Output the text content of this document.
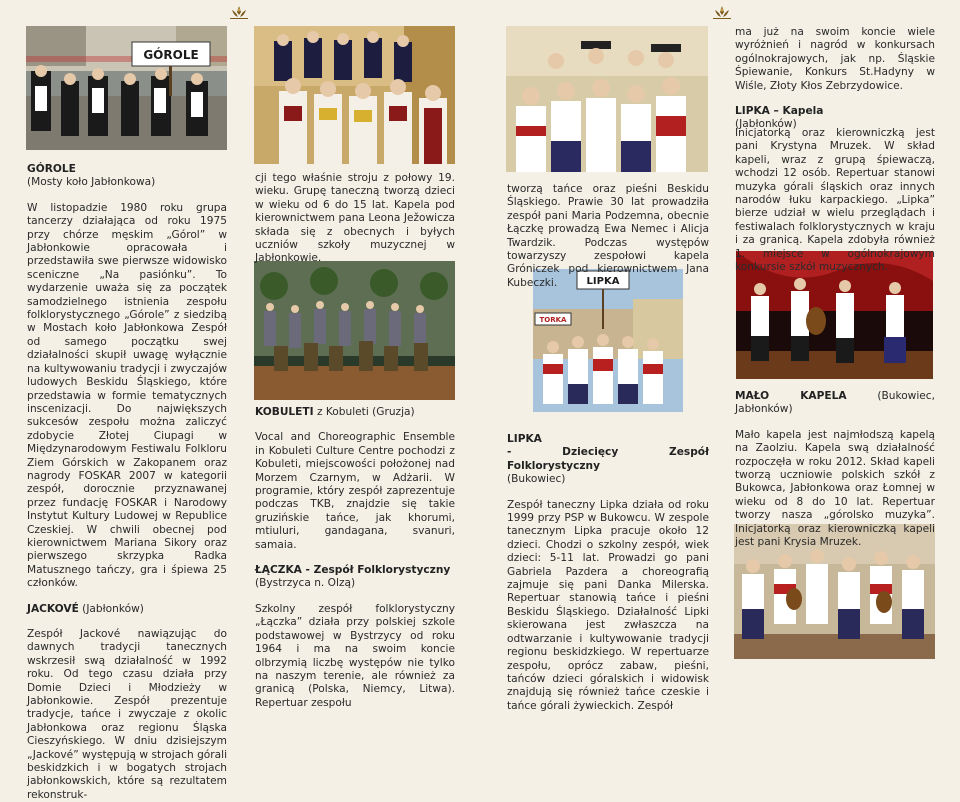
GÓROLE
LIPKA
TORKA

GÓROLE

(Mosty koło Jabłonkowa)

W listopadzie 1980 roku grupa tancerzy działająca od roku 1975 przy chórze męskim „Górol” w Jabłonkowie opracowała i przedstawiła swe pierwsze widowisko sceniczne „Na pasiónku”. To wydarzenie uważa się za początek samodzielnego istnienia zespołu folklorystycznego „Górole” z siedzibą w Mostach koło Jabłonkowa Zespół od samego początku swej działalności skupił uwagę wyłącznie na kultywowaniu tradycji i zwyczajów ludowych Beskidu Śląskiego, które przedstawia w formie tematycznych inscenizacji. Do największych sukcesów zespołu można zaliczyć zdobycie Złotej Ciupagi w Międzynarodowym Festiwalu Folkloru Ziem Górskich w Zakopanem oraz nagrody FOSKAR 2007 w kategorii zespół, dorocznie przyznawanej przez fundację FOSKAR i Narodowy Instytut Kultury Ludowej w Republice Czeskiej. W chwili obecnej pod kierownictwem Mariana Sikory oraz pierwszego skrzypka Radka Matusznego tańczy, gra i śpiewa 25 członków.

JACKOVÉ (Jabłonków)

Zespół Jackové nawiązując do dawnych tradycji tanecznych wskrzesił swą działalność w 1992 roku. Od tego czasu działa przy Domie Dzieci i Młodzieży w Jabłonkowie. Zespół prezentuje tradycje, tańce i zwyczaje z okolic Jabłonkowa oraz regionu Śląska Cieszyńskiego. W dniu dzisiejszym „Jackové” występują w strojach górali beskidzkich i w bogatych strojach jabłonkowskich, które są rezultatem rekonstruk-

cji tego właśnie stroju z połowy 19. wieku. Grupę taneczną tworzą dzieci w wieku od 6 do 15 lat. Kapela pod kierownictwem pana Leona Ježowicza składa się z obecnych i byłych uczniów szkoły muzycznej w Jabłonkowie.

KOBULETI z Kobuleti (Gruzja)

Vocal and Choreographic Ensemble in Kobuleti Culture Centre pochodzi z Kobuleti, miejscowości położonej nad Morzem Czarnym, w Adżarii. W programie, który zespół zaprezentuje podczas TKB, znajdzie się takie gruzińskie tańce, jak khorumi, mtiuluri, gandagana, svanuri, samaia.

ŁĄCZKA - Zespół Folklorystyczny

(Bystrzyca n. Olzą)

Szkolny zespół folklorystyczny „Łączka” działa przy polskiej szkole podstawowej w Bystrzycy od roku 1964 i ma na swoim koncie olbrzymią liczbę występów nie tylko na naszym terenie, ale również za granicą (Polska, Niemcy, Litwa). Repertuar zespołu

tworzą tańce oraz pieśni Beskidu Śląskiego. Prawie 30 lat prowadziła zespół pani Maria Podzemna, obecnie Łączkę prowadzą Ewa Nemec i Alicja Twardzik. Podczas występów towarzyszy zespołowi kapela Gróniczek pod kierownictwem Jana Kubeczki.

LIPKA

- Dziecięcy Zespół Folklorystyczny

(Bukowiec)

Zespół taneczny Lipka działa od roku 1999 przy PSP w Bukowcu. W zespole tanecznym Lipka pracuje około 12 dzieci. Chodzi o szkolny zespół, wiek dzieci: 5-11 lat. Prowadzi go pani Gabriela Pazdera a choreografią zajmuje się pani Danka Milerska. Repertuar stanowią tańce i pieśni Beskidu Śląskiego. Działalność Lipki skierowana jest zwłaszcza na odtwarzanie i kultywowanie tradycji regionu beskidzkiego. W repertuarze zespołu, oprócz zabaw, pieśni, tańców dzieci góralskich i widowisk znajdują się również tańce czeskie i tańce górali żywieckich. Zespół

ma już na swoim koncie wiele wyróżnień i nagród w konkursach ogólnokrajowych, jak np. Śląskie Śpiewanie, Konkurs St.Hadyny w Wiśle, Złoty Kłos Zebrzydowice.

LIPKA – Kapela

(Jabłonków)

Inicjatorką oraz kierowniczką jest pani Krystyna Mruzek. W skład kapeli, wraz z grupą śpiewaczą, wchodzi 12 osób. Repertuar stanowi muzyka górali śląskich oraz innych narodów łuku karpackiego. „Lipka” bierze udział w wielu przeglądach i festiwalach folklorystycznych w kraju i za granicą. Kapela zdobyła również 1. miejsce w ogólnokrajowym konkursie szkół muzycznych.

MAŁO KAPELA (Bukowiec, Jabłonków)

Mało kapela jest najmłodszą kapelą na Zaolziu. Kapela swą działalność rozpoczęła w roku 2012. Skład kapeli tworzą uczniowie polskich szkół z Bukowca, Jabłonkowa oraz Łomnej w wieku od 8 do 10 lat. Repertuar tworzy nasza „górolsko muzyka”. Inicjatorką oraz kierowniczką kapeli jest pani Krysia Mruzek.
